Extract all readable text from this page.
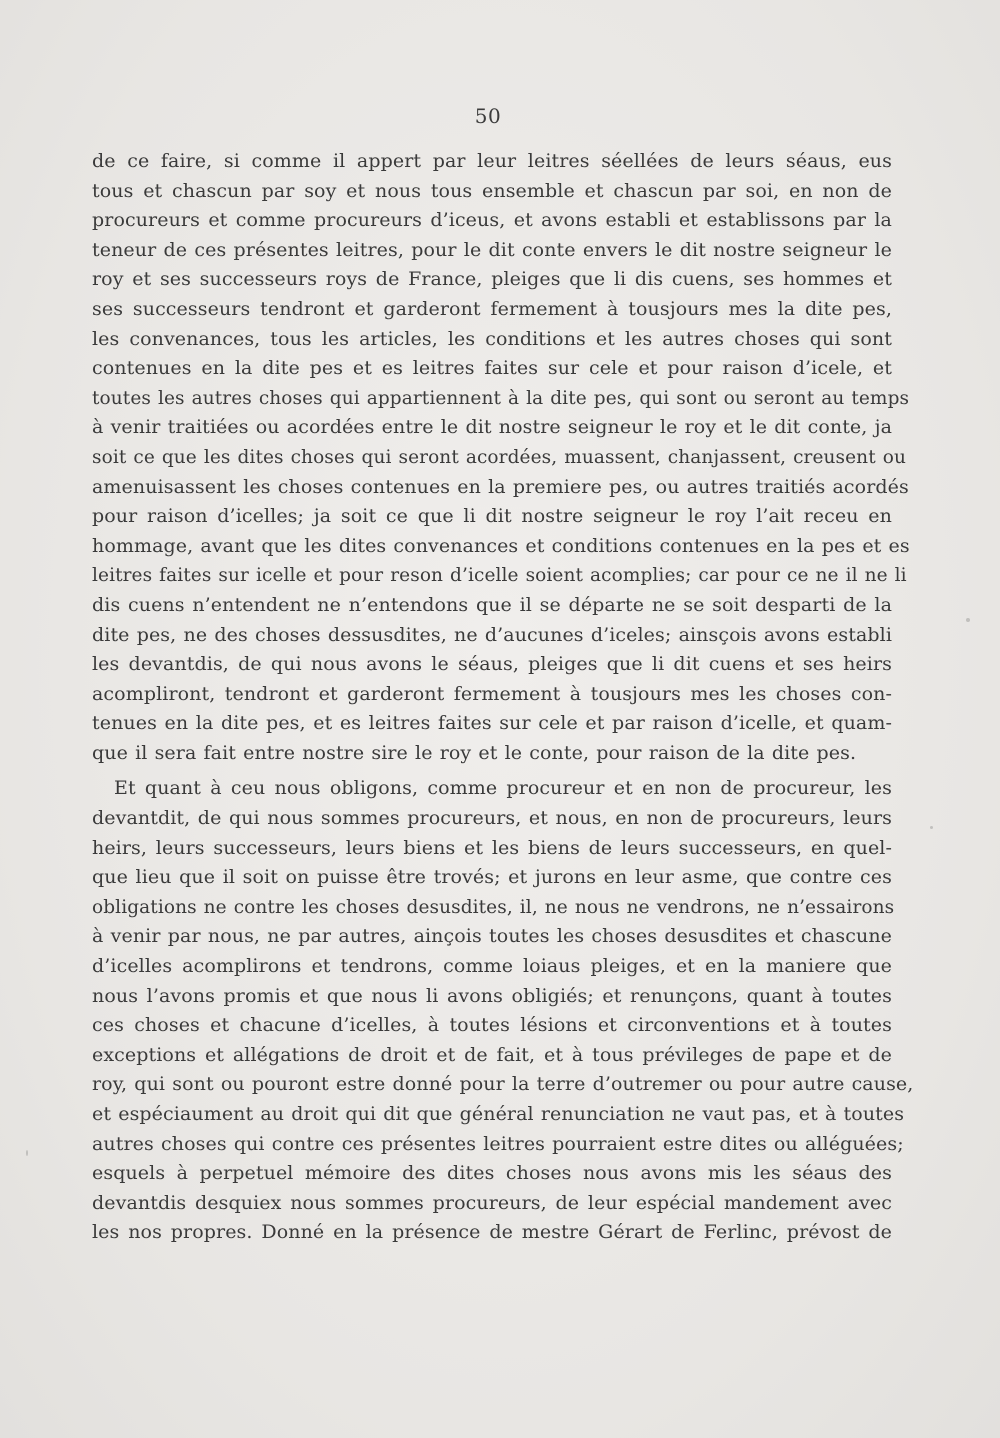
50
de ce faire, si comme il appert par leur leitres séellées de leurs séaus, eus
tous et chascun par soy et nous tous ensemble et chascun par soi, en non de
procureurs et comme procureurs d’iceus, et avons establi et establissons par la
teneur de ces présentes leitres, pour le dit conte envers le dit nostre seigneur le
roy et ses successeurs roys de France, pleiges que li dis cuens, ses hommes et
ses successeurs tendront et garderont fermement à tousjours mes la dite pes,
les convenances, tous les articles, les conditions et les autres choses qui sont
contenues en la dite pes et es leitres faites sur cele et pour raison d’icele, et
toutes les autres choses qui appartiennent à la dite pes, qui sont ou seront au temps
à venir traitiées ou acordées entre le dit nostre seigneur le roy et le dit conte, ja
soit ce que les dites choses qui seront acordées, muassent, chanjassent, creusent ou
amenuisassent les choses contenues en la premiere pes, ou autres traitiés acordés
pour raison d’icelles; ja soit ce que li dit nostre seigneur le roy l’ait receu en
hommage, avant que les dites convenances et conditions contenues en la pes et es
leitres faites sur icelle et pour reson d’icelle soient acomplies; car pour ce ne il ne li
dis cuens n’entendent ne n’entendons que il se départe ne se soit desparti de la
dite pes, ne des choses dessusdites, ne d’aucunes d’iceles; ainsçois avons establi
les devantdis, de qui nous avons le séaus, pleiges que li dit cuens et ses heirs
acompliront, tendront et garderont fermement à tousjours mes les choses con-
tenues en la dite pes, et es leitres faites sur cele et par raison d’icelle, et quam-
que il sera fait entre nostre sire le roy et le conte, pour raison de la dite pes.
Et quant à ceu nous obligons, comme procureur et en non de procureur, les
devantdit, de qui nous sommes procureurs, et nous, en non de procureurs, leurs
heirs, leurs successeurs, leurs biens et les biens de leurs successeurs, en quel-
que lieu que il soit on puisse être trovés; et jurons en leur asme, que contre ces
obligations ne contre les choses desusdites, il, ne nous ne vendrons, ne n’essairons
à venir par nous, ne par autres, ainçois toutes les choses desusdites et chascune
d’icelles acomplirons et tendrons, comme loiaus pleiges, et en la maniere que
nous l’avons promis et que nous li avons obligiés; et renunçons, quant à toutes
ces choses et chacune d’icelles, à toutes lésions et circonventions et à toutes
exceptions et allégations de droit et de fait, et à tous prévileges de pape et de
roy, qui sont ou pouront estre donné pour la terre d’outremer ou pour autre cause,
et espéciaument au droit qui dit que général renunciation ne vaut pas, et à toutes
autres choses qui contre ces présentes leitres pourraient estre dites ou alléguées;
esquels à perpetuel mémoire des dites choses nous avons mis les séaus des
devantdis desquiex nous sommes procureurs, de leur espécial mandement avec
les nos propres. Donné en la présence de mestre Gérart de Ferlinc, prévost de
